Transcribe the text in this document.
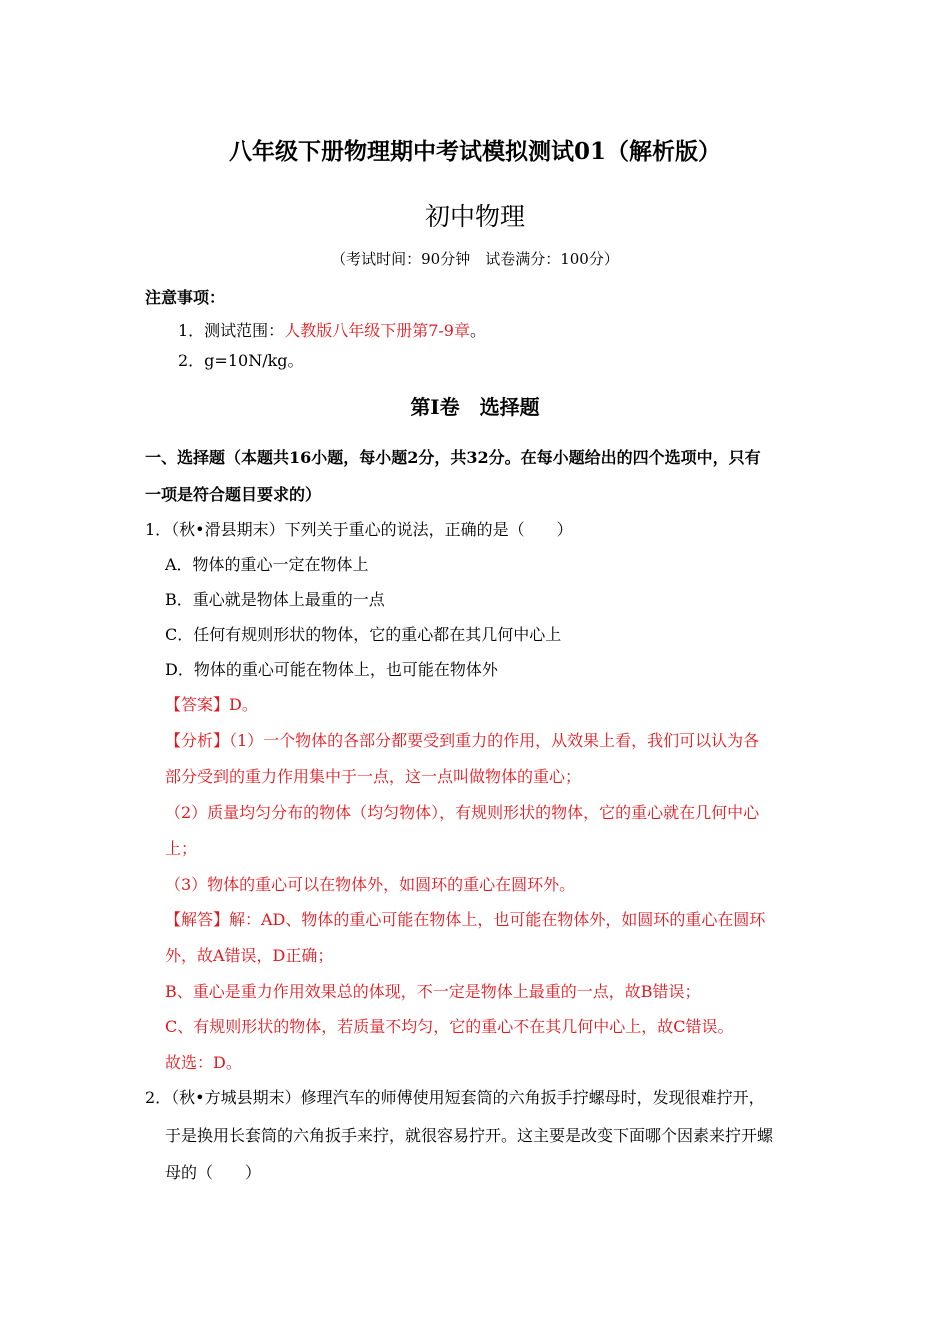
八年级下册物理期中考试模拟测试01（解析版）
初中物理
（考试时间：90分钟　试卷满分：100分）
注意事项：
1．测试范围：人教版八年级下册第7-9章。
2．g=10N/kg。
第Ⅰ卷　选择题
一、选择题（本题共16小题，每小题2分，共32分。在每小题给出的四个选项中，只有
一项是符合题目要求的）
1．（秋•滑县期末）下列关于重心的说法，正确的是（　　）
A．物体的重心一定在物体上
B．重心就是物体上最重的一点
C．任何有规则形状的物体，它的重心都在其几何中心上
D．物体的重心可能在物体上，也可能在物体外
【答案】D。
【分析】（1）一个物体的各部分都要受到重力的作用，从效果上看，我们可以认为各
部分受到的重力作用集中于一点，这一点叫做物体的重心；
（2）质量均匀分布的物体（均匀物体），有规则形状的物体，它的重心就在几何中心
上；
（3）物体的重心可以在物体外，如圆环的重心在圆环外。
【解答】解：AD、物体的重心可能在物体上，也可能在物体外，如圆环的重心在圆环
外，故A错误，D正确；
B、重心是重力作用效果总的体现，不一定是物体上最重的一点，故B错误；
C、有规则形状的物体，若质量不均匀，它的重心不在其几何中心上，故C错误。
故选：D。
2．（秋•方城县期末）修理汽车的师傅使用短套筒的六角扳手拧螺母时，发现很难拧开，
于是换用长套筒的六角扳手来拧，就很容易拧开。这主要是改变下面哪个因素来拧开螺
母的（　　）
